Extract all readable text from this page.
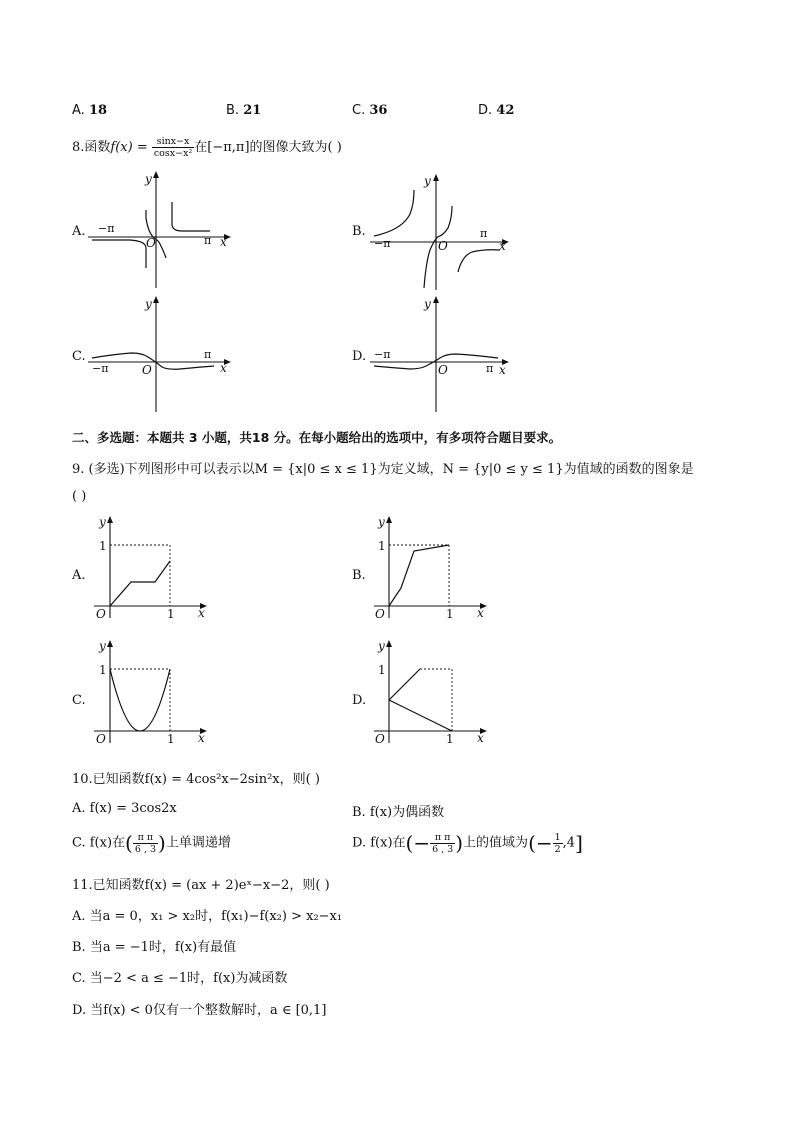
A. 18	B. 21	C. 36	D. 42
8.函数$f(x) = \frac{\sin x-x}{\text{cosx−x²}}$ 在[−π,π]的图像大致为( )
A.	B.
C.	D.
y
x
O
−π
π
y
x
O
−π
π
y
x
O
−π
π
y
x
O
−π
π
二、多选题：本题共 3 小题，共18 分。在每小题给出的选项中，有多项符合题目要求。
9. (多选)下列图形中可以表示以M = {x|0 ≤ x ≤ 1}为定义域，N = {y|0 ≤ y ≤ 1}为值域的函数的图象是
( )
A.	B.
C.	D.
y
x
O
1
1
y
x
O
1
1
y
x
O
1
1
y
x
O
1
1
10.已知函数f(x) = 4cos²x−2sin²x，则( )
A. f(x) = 3cos2x	B. f(x)为偶函数
C. f(x)在( $\frac{\text{π π}}{6 , 3}$ )上单调递增	D. f(x)在(− $\frac{\text{π π}}{6 , 3}$ )上的值域为(− $\frac{1}{2} ,4$]
11.已知函数f(x) = (ax + 2)eˣ−x−2，则( )
A. 当a = 0，x₁ > x₂时，f(x₁)−f(x₂) > x₂−x₁
B. 当a = −1时，f(x)有最值
C. 当−2 < a ≤ −1时，f(x)为减函数
D. 当f(x) < 0仅有一个整数解时，a ∈ [0,1]
